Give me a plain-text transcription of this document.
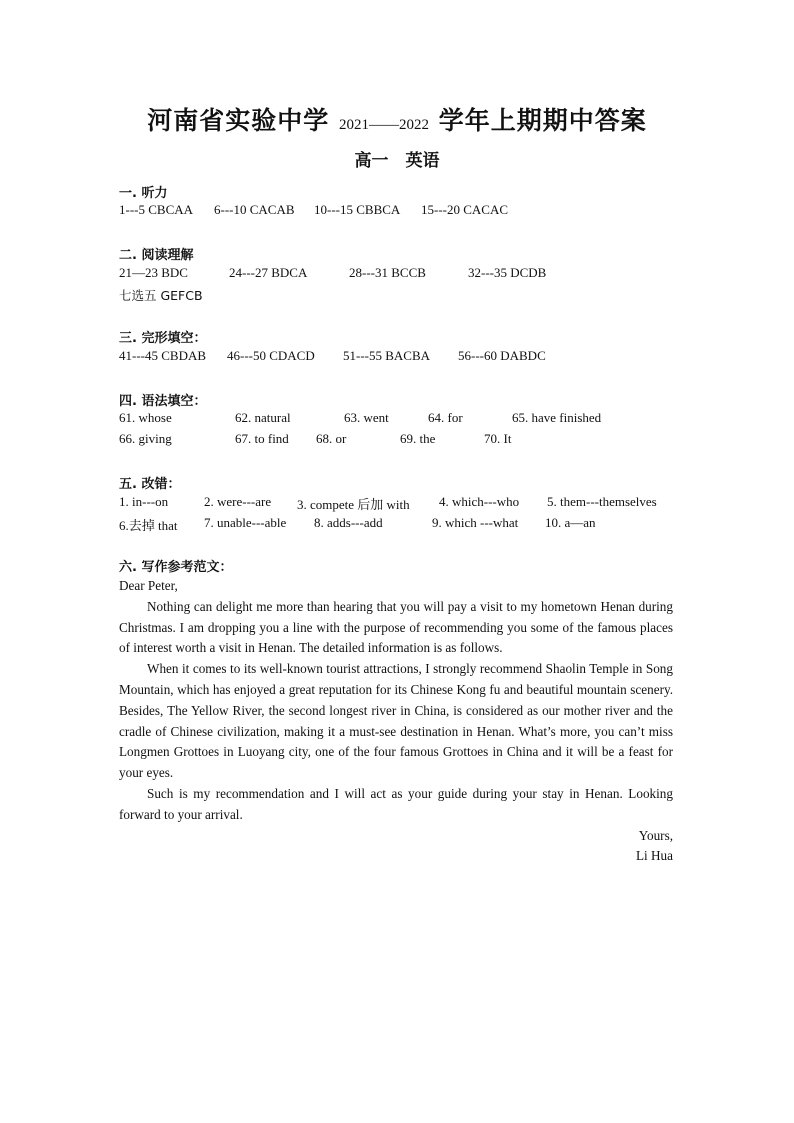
河南省实验中学 2021——2022 学年上期期中答案
高一　英语
一. 听力
1---5 CBCAA 6---10 CACAB 10---15 CBBCA 15---20 CACAC
二. 阅读理解
21—23 BDC	24---27 BDCA	28---31 BCCB	32---35 DCDB
七选五 GEFCB
三. 完形填空：
41---45 CBDAB 46---50 CDACD 51---55 BACBA 56---60 DABDC
四. 语法填空：
61. whose	62. natural	63. went	64. for	65. have finished
66. giving	67. to find 68. or	69. the	70. It
五. 改错：
1. in---on	2. were---are 3. compete 后加 with 4. which---who 5. them---themselves
6.去掉 that 7. unable---able 8. adds---add	9. which ---what 10. a—an
六. 写作参考范文：

Dear Peter,

Nothing can delight me more than hearing that you will pay a visit to my hometown Henan during Christmas. I am dropping you a line with the purpose of recommending you some of the famous places of interest worth a visit in Henan. The detailed information is as follows.

When it comes to its well-known tourist attractions, I strongly recommend Shaolin Temple in Song Mountain, which has enjoyed a great reputation for its Chinese Kong fu and beautiful mountain scenery. Besides, The Yellow River, the second longest river in China, is considered as our mother river and the cradle of Chinese civilization, making it a must-see destination in Henan. What’s more, you can’t miss Longmen Grottoes in Luoyang city, one of the four famous Grottoes in China and it will be a feast for your eyes.

Such is my recommendation and I will act as your guide during your stay in Henan. Looking forward to your arrival.

Yours,

Li Hua
